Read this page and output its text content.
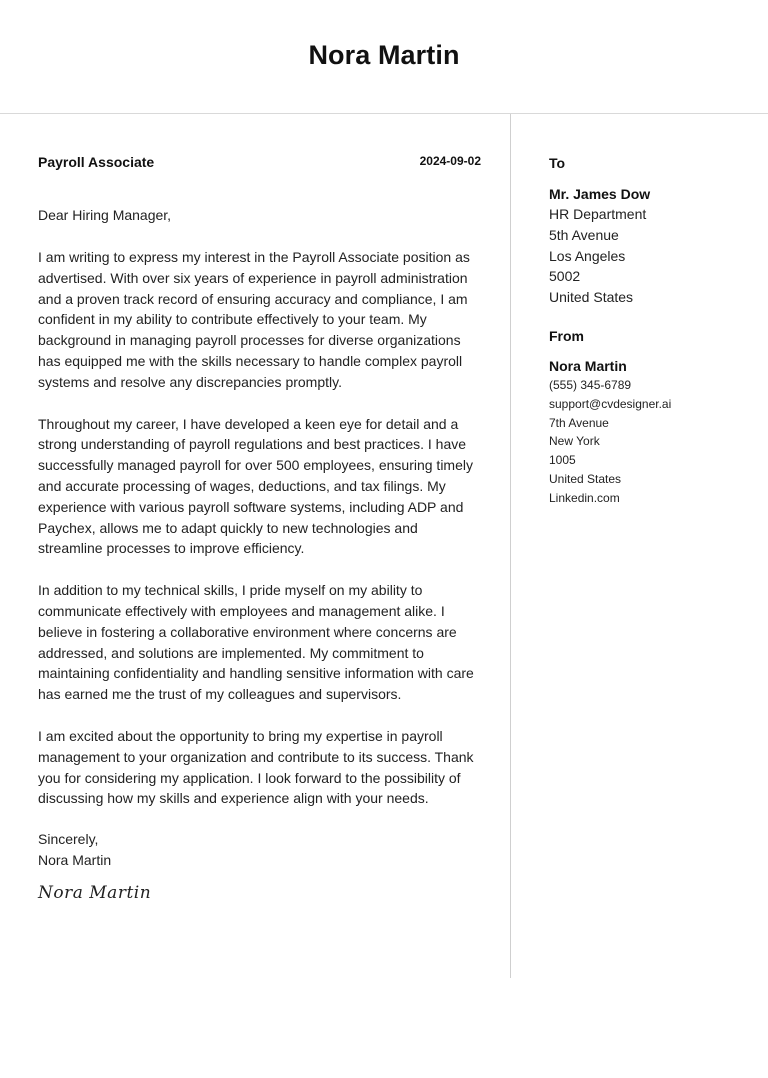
Nora Martin
Payroll Associate	2024-09-02
Dear Hiring Manager,

I am writing to express my interest in the Payroll Associate position as advertised. With over six years of experience in payroll administration and a proven track record of ensuring accuracy and compliance, I am confident in my ability to contribute effectively to your team. My background in managing payroll processes for diverse organizations has equipped me with the skills necessary to handle complex payroll systems and resolve any discrepancies promptly.

Throughout my career, I have developed a keen eye for detail and a strong understanding of payroll regulations and best practices. I have successfully managed payroll for over 500 employees, ensuring timely and accurate processing of wages, deductions, and tax filings. My experience with various payroll software systems, including ADP and Paychex, allows me to adapt quickly to new technologies and streamline processes to improve efficiency.

In addition to my technical skills, I pride myself on my ability to communicate effectively with employees and management alike. I believe in fostering a collaborative environment where concerns are addressed, and solutions are implemented. My commitment to maintaining confidentiality and handling sensitive information with care has earned me the trust of my colleagues and supervisors.

I am excited about the opportunity to bring my expertise in payroll management to your organization and contribute to its success. Thank you for considering my application. I look forward to the possibility of discussing how my skills and experience align with your needs.

Sincerely,
Nora Martin
Nora Martin
To
Mr. James Dow
HR Department
5th Avenue
Los Angeles
5002
United States
From
Nora Martin
(555) 345-6789
support@cvdesigner.ai
7th Avenue
New York
1005
United States
Linkedin.com
